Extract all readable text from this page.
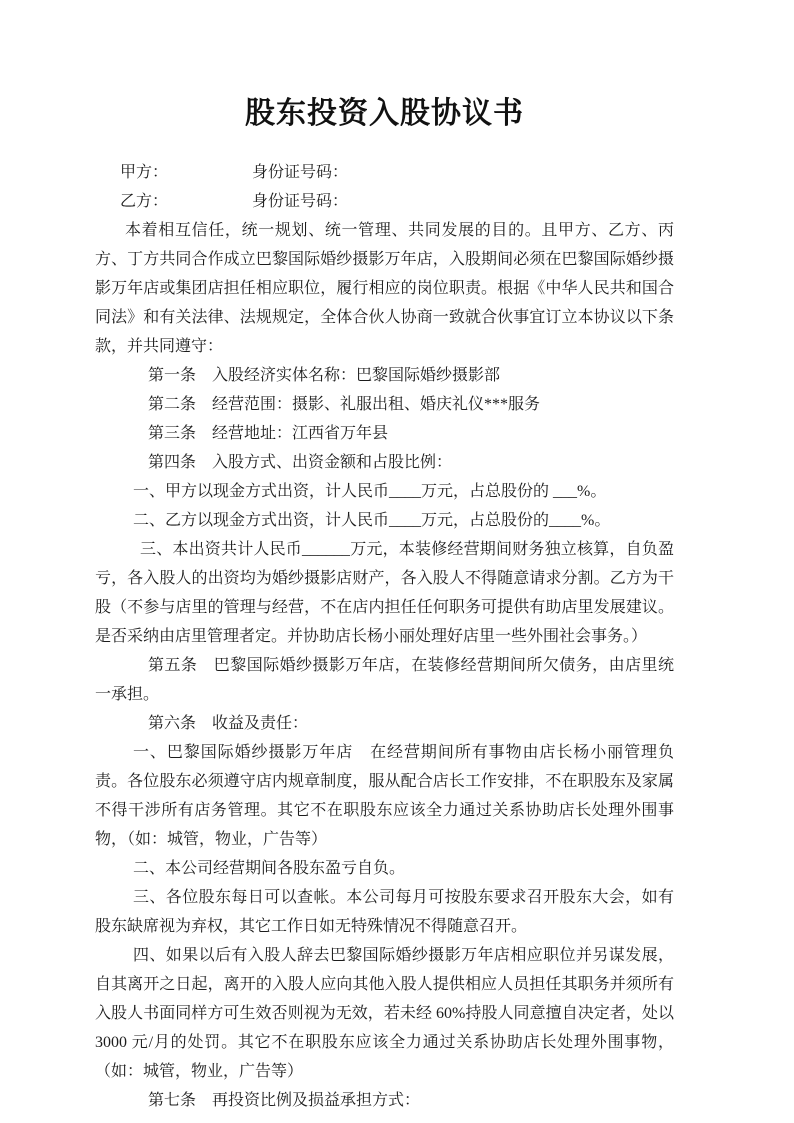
股东投资入股协议书
甲方：	身份证号码：
乙方：	身份证号码：

本着相互信任，统一规划、统一管理、共同发展的目的。且甲方、乙方、丙方、丁方共同合作成立巴黎国际婚纱摄影万年店，入股期间必须在巴黎国际婚纱摄影万年店或集团店担任相应职位，履行相应的岗位职责。根据《中华人民共和国合同法》和有关法律、法规规定，全体合伙人协商一致就合伙事宜订立本协议以下条款，并共同遵守：

第一条　入股经济实体名称：巴黎国际婚纱摄影部

第二条　经营范围：摄影、礼服出租、婚庆礼仪***服务

第三条　经营地址：江西省万年县

第四条　入股方式、出资金额和占股比例：

一、甲方以现金方式出资，计人民币____万元，占总股份的 ___%。

二、乙方以现金方式出资，计人民币____万元，占总股份的____%。

三、本出资共计人民币______万元，本装修经营期间财务独立核算，自负盈亏，各入股人的出资均为婚纱摄影店财产，各入股人不得随意请求分割。乙方为干股（不参与店里的管理与经营，不在店内担任任何职务可提供有助店里发展建议。是否采纳由店里管理者定。并协助店长杨小丽处理好店里一些外围社会事务。）

第五条　巴黎国际婚纱摄影万年店，在装修经营期间所欠债务，由店里统一承担。

第六条　收益及责任：

一、巴黎国际婚纱摄影万年店　在经营期间所有事物由店长杨小丽管理负责。各位股东必须遵守店内规章制度，服从配合店长工作安排，不在职股东及家属不得干涉所有店务管理。其它不在职股东应该全力通过关系协助店长处理外围事物，（如：城管，物业，广告等）

二、本公司经营期间各股东盈亏自负。

三、各位股东每日可以查帐。本公司每月可按股东要求召开股东大会，如有股东缺席视为弃权，其它工作日如无特殊情况不得随意召开。

四、如果以后有入股人辞去巴黎国际婚纱摄影万年店相应职位并另谋发展，自其离开之日起，离开的入股人应向其他入股人提供相应人员担任其职务并须所有入股人书面同样方可生效否则视为无效，若未经 60%持股人同意擅自决定者，处以 3000 元/月的处罚。其它不在职股东应该全力通过关系协助店长处理外围事物，（如：城管，物业，广告等）

第七条　再投资比例及损益承担方式：
